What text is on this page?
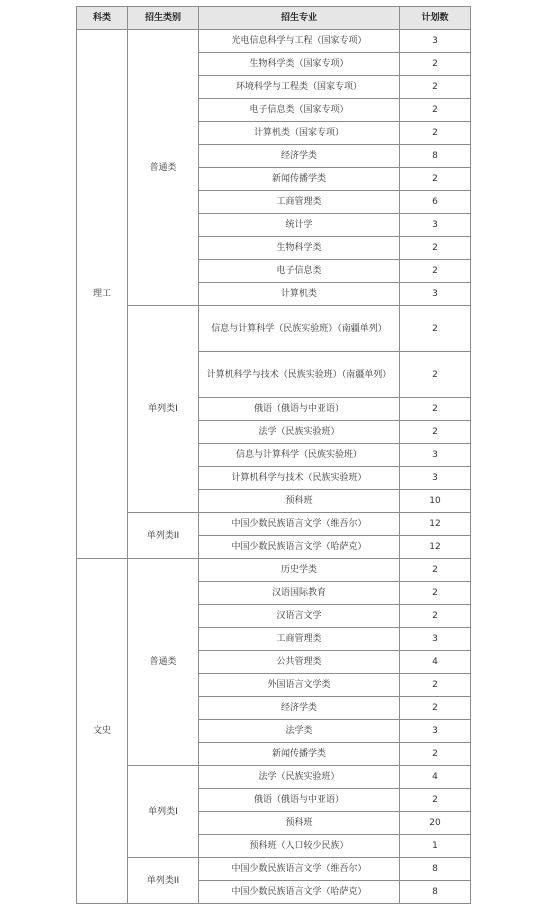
科类	招生类别	招生专业	计划数
理工	普通类	光电信息科学与工程（国家专项）	3
		生物科学类（国家专项）	2
		环境科学与工程类（国家专项）	2
		电子信息类（国家专项）	2
		计算机类（国家专项）	2
		经济学类	8
		新闻传播学类	2
		工商管理类	6
		统计学	3
		生物科学类	2
		电子信息类	2
		计算机类	3
	单列类I	信息与计算科学（民族实验班）（南疆单列）	2
		计算机科学与技术（民族实验班）（南疆单列）	2
		俄语（俄语与中亚语）	2
		法学（民族实验班）	2
		信息与计算科学（民族实验班）	3
		计算机科学与技术（民族实验班）	3
		预科班	10
	单列类II	中国少数民族语言文学（维吾尔）	12
		中国少数民族语言文学（哈萨克）	12
文史	普通类	历史学类	2
		汉语国际教育	2
		汉语言文学	2
		工商管理类	3
		公共管理类	4
		外国语言文学类	2
		经济学类	2
		法学类	3
		新闻传播学类	2
	单列类I	法学（民族实验班）	4
		俄语（俄语与中亚语）	2
		预科班	20
		预科班（人口较少民族）	1
	单列类II	中国少数民族语言文学（维吾尔）	8
		中国少数民族语言文学（哈萨克）	8
